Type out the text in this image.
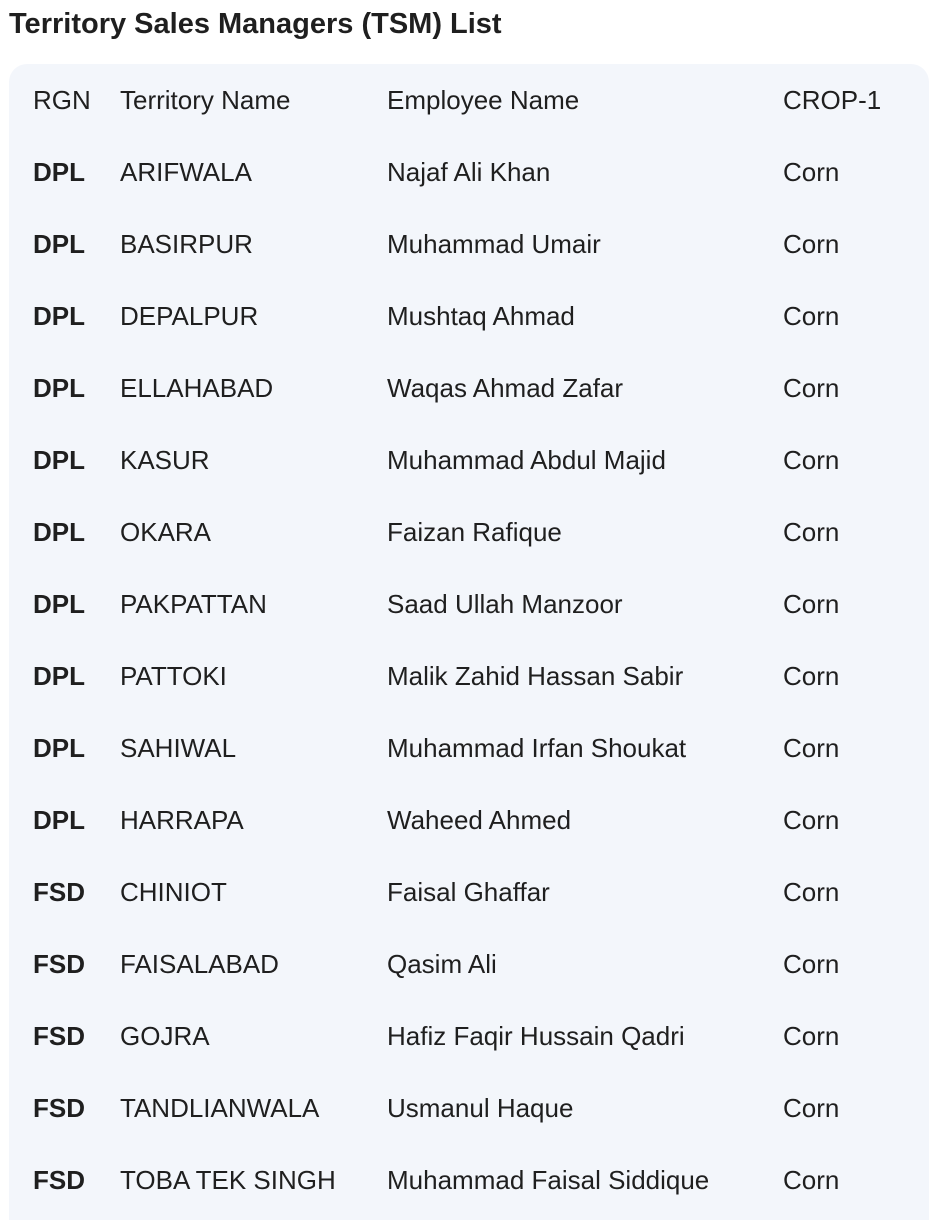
Territory Sales Managers (TSM) List
RGN	Territory Name	Employee Name	CROP-1
DPL	ARIFWALA	Najaf Ali Khan	Corn
DPL	BASIRPUR	Muhammad Umair	Corn
DPL	DEPALPUR	Mushtaq Ahmad	Corn
DPL	ELLAHABAD	Waqas Ahmad Zafar	Corn
DPL	KASUR	Muhammad Abdul Majid	Corn
DPL	OKARA	Faizan Rafique	Corn
DPL	PAKPATTAN	Saad Ullah Manzoor	Corn
DPL	PATTOKI	Malik Zahid Hassan Sabir	Corn
DPL	SAHIWAL	Muhammad Irfan Shoukat	Corn
DPL	HARRAPA	Waheed Ahmed	Corn
FSD	CHINIOT	Faisal Ghaffar	Corn
FSD	FAISALABAD	Qasim Ali	Corn
FSD	GOJRA	Hafiz Faqir Hussain Qadri	Corn
FSD	TANDLIANWALA	Usmanul Haque	Corn
FSD	TOBA TEK SINGH	Muhammad Faisal Siddique	Corn
